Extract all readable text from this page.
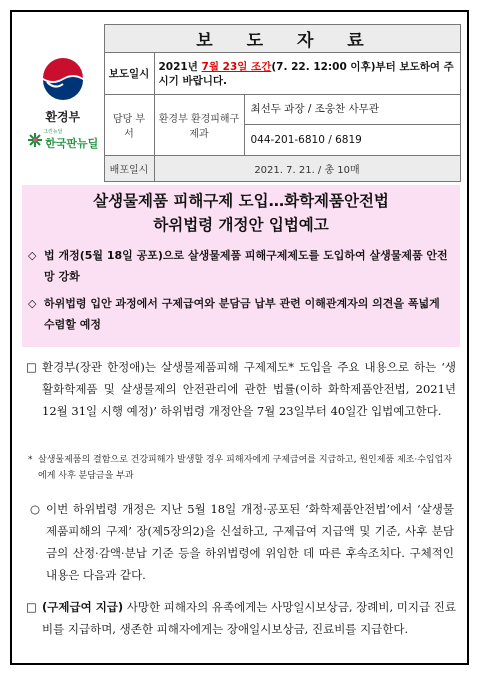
환경부
그린뉴딜
한국판뉴딜	보 도 자 료		
	보도일시	2021년 7월 23일 조간(7. 22. 12:00 이후)부터 보도하여 주시기 바랍니다.	
	담당 부서	환경부 환경피해구제과	최선두 과장 / 조웅찬 사무관
044-201-6810 / 6819

	배포일시	2021. 7. 21. / 총 10매	
살생물제품 피해구제 도입…화학제품안전법
하위법령 개정안 입법예고
◇ 법 개정(5월 18일 공포)으로 살생물제품 피해구제제도를 도입하여 살생물제품 안전망 강화
◇ 하위법령 입안 과정에서 구제급여와 분담금 납부 관련 이해관계자의 의견을 폭넓게 수렴할 예정
□ 환경부(장관 한정애)는 살생물제품피해 구제제도* 도입을 주요 내용으로 하는 ‘생활화학제품 및 살생물제의 안전관리에 관한 법률(이하 화학제품안전법, 2021년 12월 31일 시행 예정)’ 하위법령 개정안을 7월 23일부터 40일간 입법예고한다.
* 살생물제품의 결함으로 건강피해가 발생할 경우 피해자에게 구제급여를 지급하고, 원인제품 제조·수입업자에게 사후 분담금을 부과
○ 이번 하위법령 개정은 지난 5월 18일 개정·공포된 ‘화학제품안전법’에서 ‘살생물제품피해의 구제’ 장(제5장의2)을 신설하고, 구제급여 지급액 및 기준, 사후 분담금의 산정·감액·분납 기준 등을 하위법령에 위임한 데 따른 후속조치다. 구체적인 내용은 다음과 같다.
□ (구제급여 지급) 사망한 피해자의 유족에게는 사망일시보상금, 장례비, 미지급 진료비를 지급하며, 생존한 피해자에게는 장애일시보상금, 진료비를 지급한다.
